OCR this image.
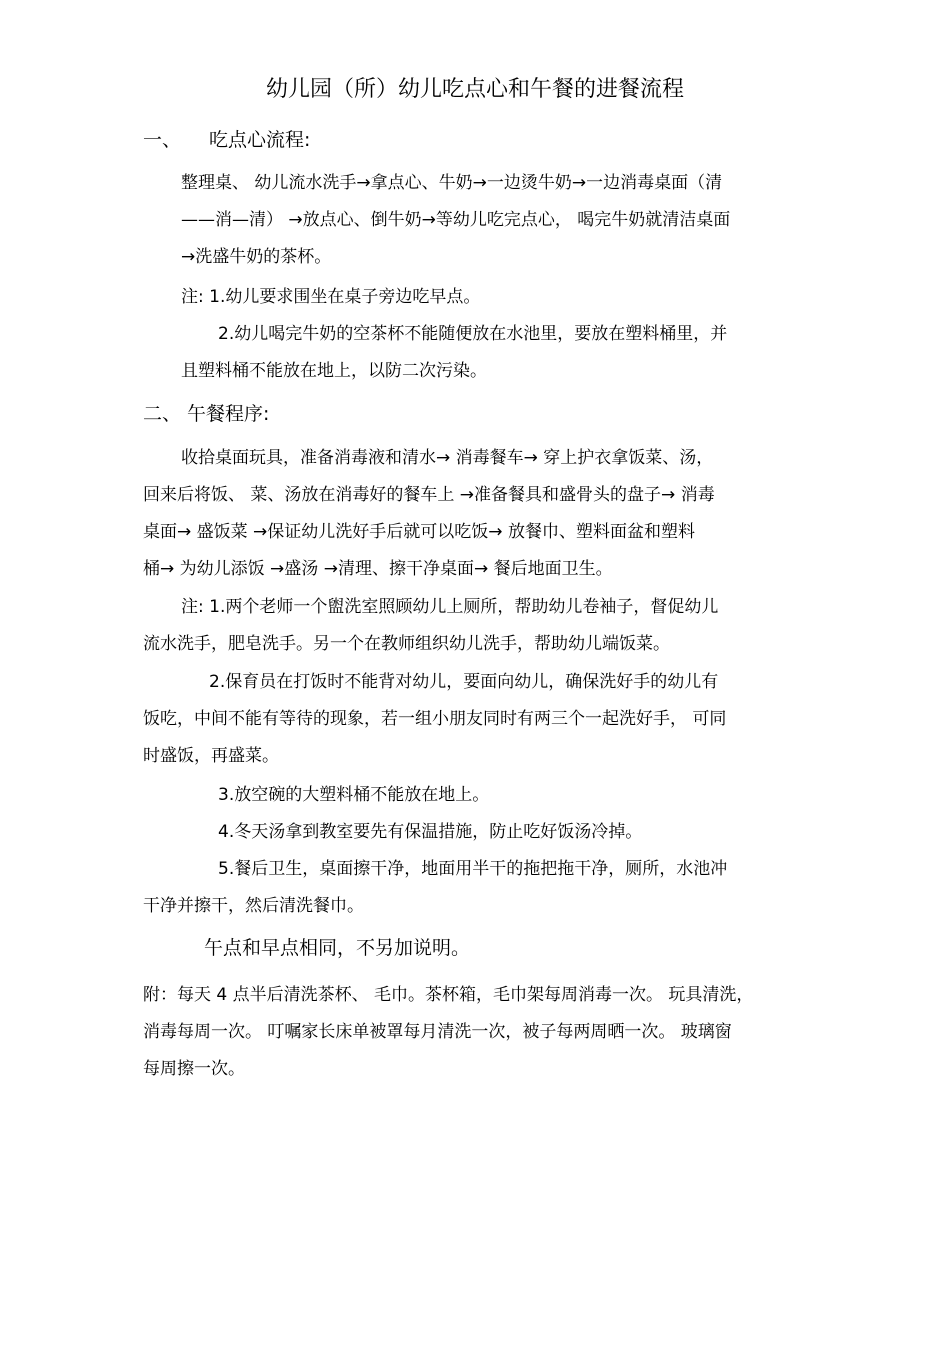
幼儿园（所）幼儿吃点心和午餐的进餐流程
一、 吃点心流程:
整理桌、 幼儿流水洗手→拿点心、牛奶→一边烫牛奶→一边消毒桌面（清
——消—清） →放点心、倒牛奶→等幼儿吃完点心， 喝完牛奶就清洁桌面
→洗盛牛奶的茶杯。
注: 1.幼儿要求围坐在桌子旁边吃早点。
2.幼儿喝完牛奶的空茶杯不能随便放在水池里，要放在塑料桶里，并
且塑料桶不能放在地上，以防二次污染。
二、 午餐程序:
收拾桌面玩具，准备消毒液和清水→ 消毒餐车→ 穿上护衣拿饭菜、汤，
回来后将饭、 菜、汤放在消毒好的餐车上 →准备餐具和盛骨头的盘子→ 消毒
桌面→ 盛饭菜 →保证幼儿洗好手后就可以吃饭→ 放餐巾、塑料面盆和塑料
桶→ 为幼儿添饭 →盛汤 →清理、擦干净桌面→ 餐后地面卫生。
注: 1.两个老师一个盥洗室照顾幼儿上厕所，帮助幼儿卷袖子，督促幼儿
流水洗手，肥皂洗手。另一个在教师组织幼儿洗手，帮助幼儿端饭菜。
2.保育员在打饭时不能背对幼儿，要面向幼儿，确保洗好手的幼儿有
饭吃，中间不能有等待的现象，若一组小朋友同时有两三个一起洗好手， 可同
时盛饭，再盛菜。
3.放空碗的大塑料桶不能放在地上。
4.冬天汤拿到教室要先有保温措施，防止吃好饭汤冷掉。
5.餐后卫生，桌面擦干净，地面用半干的拖把拖干净，厕所，水池冲
干净并擦干，然后清洗餐巾。
午点和早点相同，不另加说明。
附：每天 4 点半后清洗茶杯、 毛巾。茶杯箱，毛巾架每周消毒一次。 玩具清洗，
消毒每周一次。 叮嘱家长床单被罩每月清洗一次，被子每两周晒一次。 玻璃窗
每周擦一次。
